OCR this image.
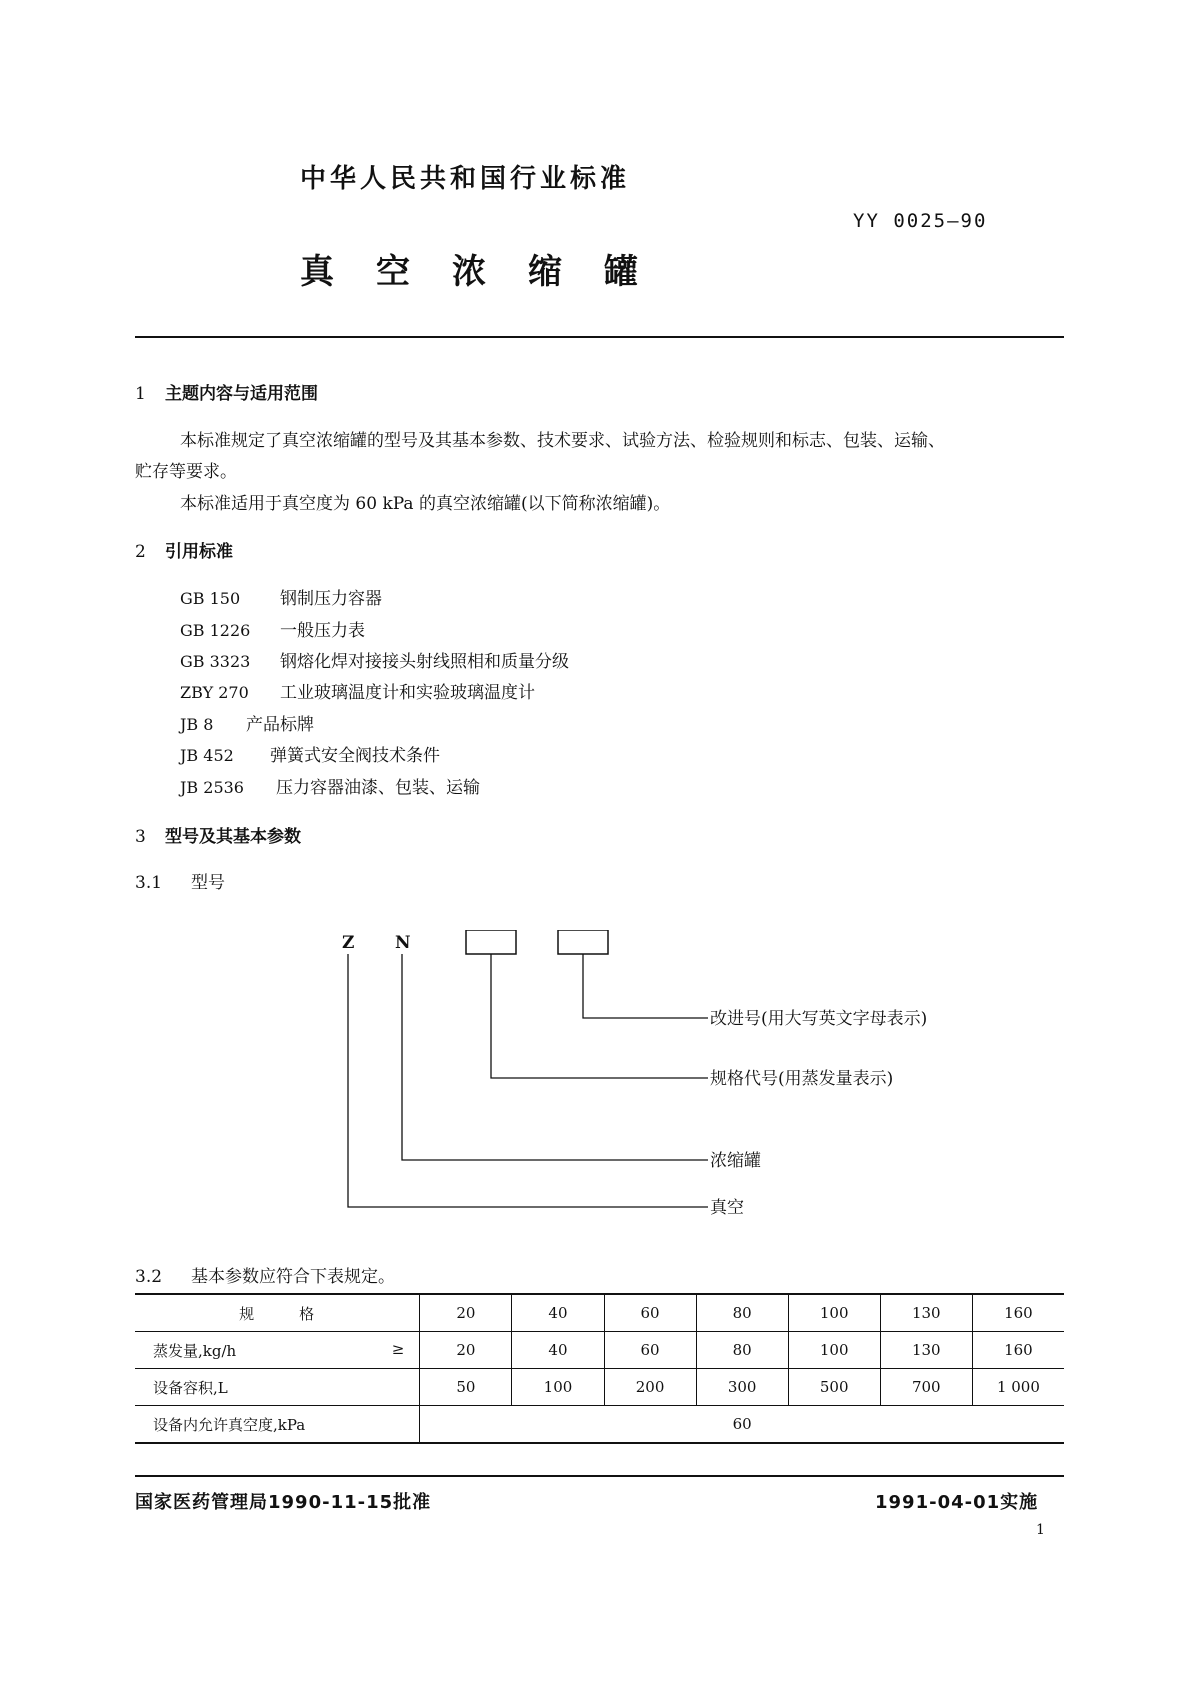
中华人民共和国行业标准
YY 0025—90
真 空 浓 缩 罐
1 主题内容与适用范围
本标准规定了真空浓缩罐的型号及其基本参数、技术要求、试验方法、检验规则和标志、包装、运输、
贮存等要求。
本标准适用于真空度为 60 kPa 的真空浓缩罐(以下简称浓缩罐)。
2 引用标准
GB 150 钢制压力容器
GB 1226 一般压力表
GB 3323 钢熔化焊对接接头射线照相和质量分级
ZBY 270 工业玻璃温度计和实验玻璃温度计
JB 8 产品标牌
JB 452 弹簧式安全阀技术条件
JB 2536 压力容器油漆、包装、运输
3 型号及其基本参数
3.1 型号
Z N
改进号(用大写英文字母表示)
规格代号(用蒸发量表示)
浓缩罐
真空
3.2 基本参数应符合下表规定。
规　　　格	20	40	60	80	100	130	160
蒸发量,kg/h ≥	20	40	60	80	100	130	160
设备容积,L	50	100	200	300	500	700	1 000
设备内允许真空度,kPa	60						
国家医药管理局1990-11-15批准	1991-04-01实施
1
